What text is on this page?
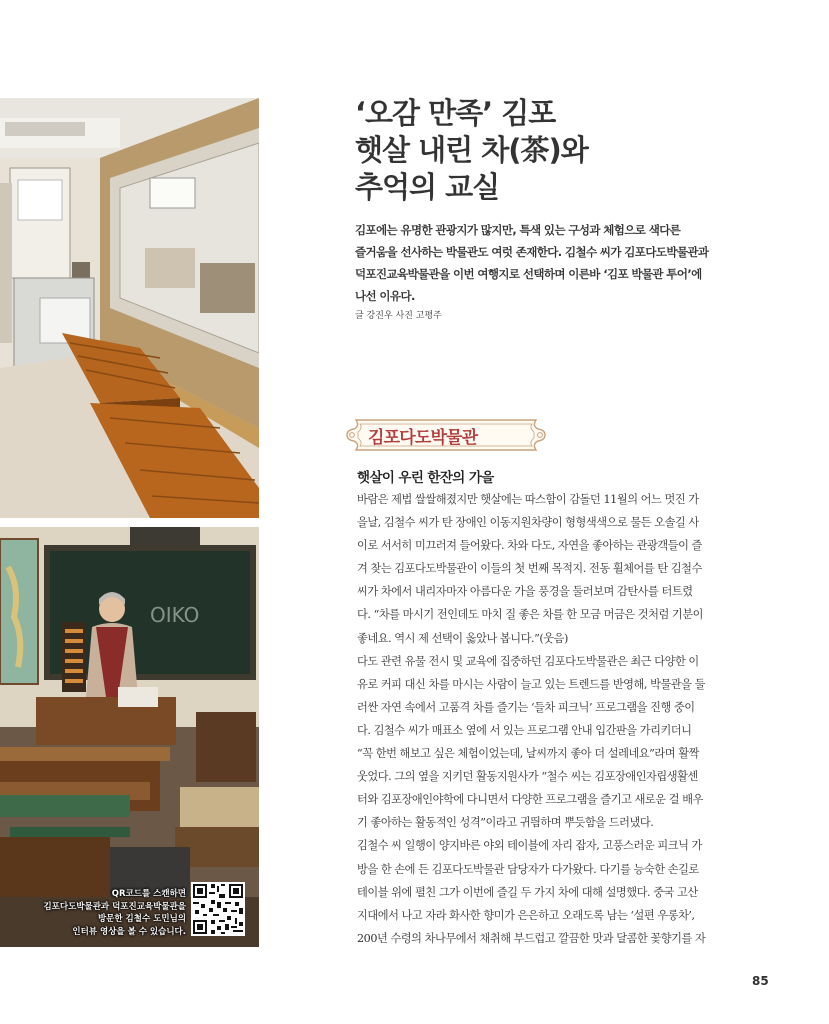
OIKO
QR코드를 스캔하면
김포다도박물관과 덕포진교육박물관을
방문한 김철수 도민님의
인터뷰 영상을 볼 수 있습니다.
‘오감 만족’ 김포
햇살 내린 차(茶)와
추억의 교실
김포에는 유명한 관광지가 많지만, 특색 있는 구성과 체험으로 색다른
즐거움을 선사하는 박물관도 여럿 존재한다. 김철수 씨가 김포다도박물관과
덕포진교육박물관을 이번 여행지로 선택하며 이른바 ‘김포 박물관 투어’에
나선 이유다.
글 강진우 사진 고평주
김포다도박물관
햇살이 우린 한잔의 가을
바람은 제법 쌀쌀해졌지만 햇살에는 따스함이 감돌던 11월의 어느 멋진 가
을날, 김철수 씨가 탄 장애인 이동지원차량이 형형색색으로 물든 오솔길 사
이로 서서히 미끄러져 들어왔다. 차와 다도, 자연을 좋아하는 관광객들이 즐
겨 찾는 김포다도박물관이 이들의 첫 번째 목적지. 전동 휠체어를 탄 김철수
씨가 차에서 내리자마자 아름다운 가을 풍경을 둘러보며 감탄사를 터트렸
다. “차를 마시기 전인데도 마치 질 좋은 차를 한 모금 머금은 것처럼 기분이
좋네요. 역시 제 선택이 옳았나 봅니다.”(웃음)
다도 관련 유물 전시 및 교육에 집중하던 김포다도박물관은 최근 다양한 이
유로 커피 대신 차를 마시는 사람이 늘고 있는 트렌드를 반영해, 박물관을 둘
러싼 자연 속에서 고품격 차를 즐기는 ‘들차 피크닉’ 프로그램을 진행 중이
다. 김철수 씨가 매표소 옆에 서 있는 프로그램 안내 입간판을 가리키더니
“꼭 한번 해보고 싶은 체험이었는데, 날씨까지 좋아 더 설레네요”라며 활짝
웃었다. 그의 옆을 지키던 활동지원사가 “철수 씨는 김포장애인자립생활센
터와 김포장애인야학에 다니면서 다양한 프로그램을 즐기고 새로운 걸 배우
기 좋아하는 활동적인 성격”이라고 귀띔하며 뿌듯함을 드러냈다.
김철수 씨 일행이 양지바른 야외 테이블에 자리 잡자, 고풍스러운 피크닉 가
방을 한 손에 든 김포다도박물관 담당자가 다가왔다. 다기를 능숙한 손길로
테이블 위에 펼친 그가 이번에 즐길 두 가지 차에 대해 설명했다. 중국 고산
지대에서 나고 자라 화사한 향미가 은은하고 오래도록 남는 ‘설편 우롱차’,
200년 수령의 차나무에서 채취해 부드럽고 깔끔한 맛과 달콤한 꽃향기를 자
85
